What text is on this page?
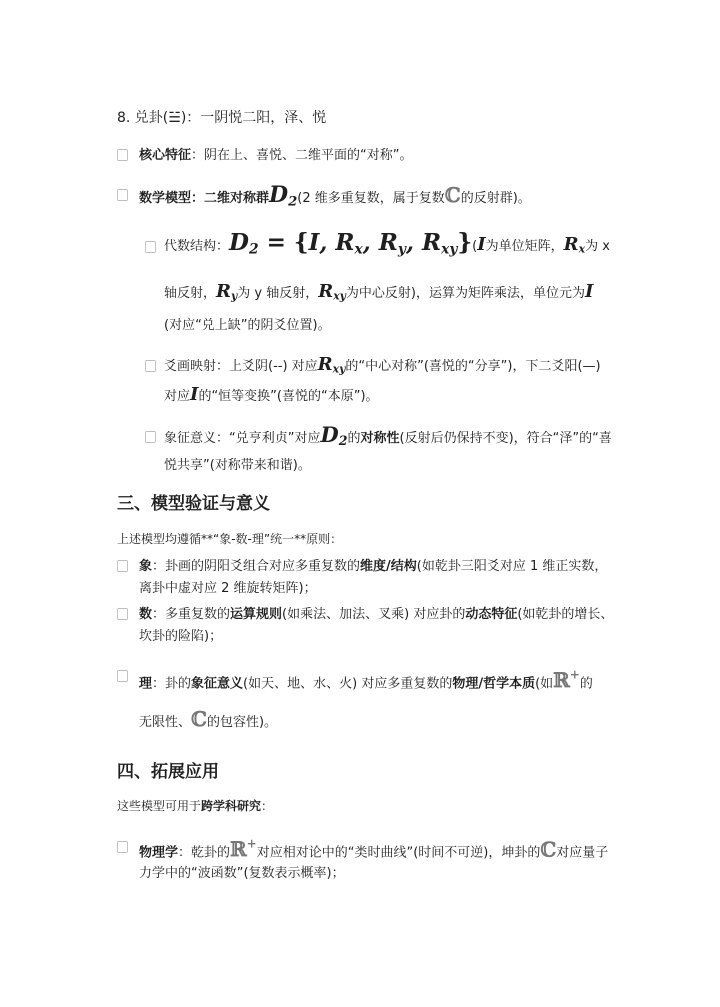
8. 兑卦(☱)：一阴悦二阳，泽、悦
⃞ 核心特征：阴在上、喜悦、二维平面的“对称”。
⃞ 数学模型：二维对称群$D_2(2$ 维多重复数，属于复数ℂ的反射群)。
⃞ 代数结构：$D_2 = \{I$, $R_x$, $R_y$, $R_{xy}\}(I$为单位矩阵，$R_x$为 x
轴反射，$R_y$为 y 轴反射，$R_{xy}$为中心反射)，运算为矩阵乘法，单位元为I
(对应“兑上缺”的阴爻位置)。
⃞ 爻画映射：上爻阴(--) 对应$R_{xy}$的“中心对称”(喜悦的“分享”)，下二爻阳(—)
对应I的“恒等变换”(喜悦的“本原”)。
⃞ 象征意义：“兑亨利贞”对应$D_2$的对称性(反射后仍保持不变)，符合“泽”的“喜
悦共享”(对称带来和谐)。
三、模型验证与意义
上述模型均遵循**“象-数-理”统一**原则：
⃞ 象：卦画的阴阳爻组合对应多重复数的维度/结构(如乾卦三阳爻对应 1 维正实数，
离卦中虚对应 2 维旋转矩阵)；
⃞ 数：多重复数的运算规则(如乘法、加法、叉乘) 对应卦的动态特征(如乾卦的增长、
坎卦的险陷)；
⃞ 理：卦的象征意义(如天、地、水、火) 对应多重复数的物理/哲学本质(如ℝ+的
无限性、ℂ的包容性)。
四、拓展应用
这些模型可用于跨学科研究：
⃞ 物理学：乾卦的ℝ+对应相对论中的“类时曲线”(时间不可逆)，坤卦的ℂ对应量子
力学中的“波函数”(复数表示概率)；
